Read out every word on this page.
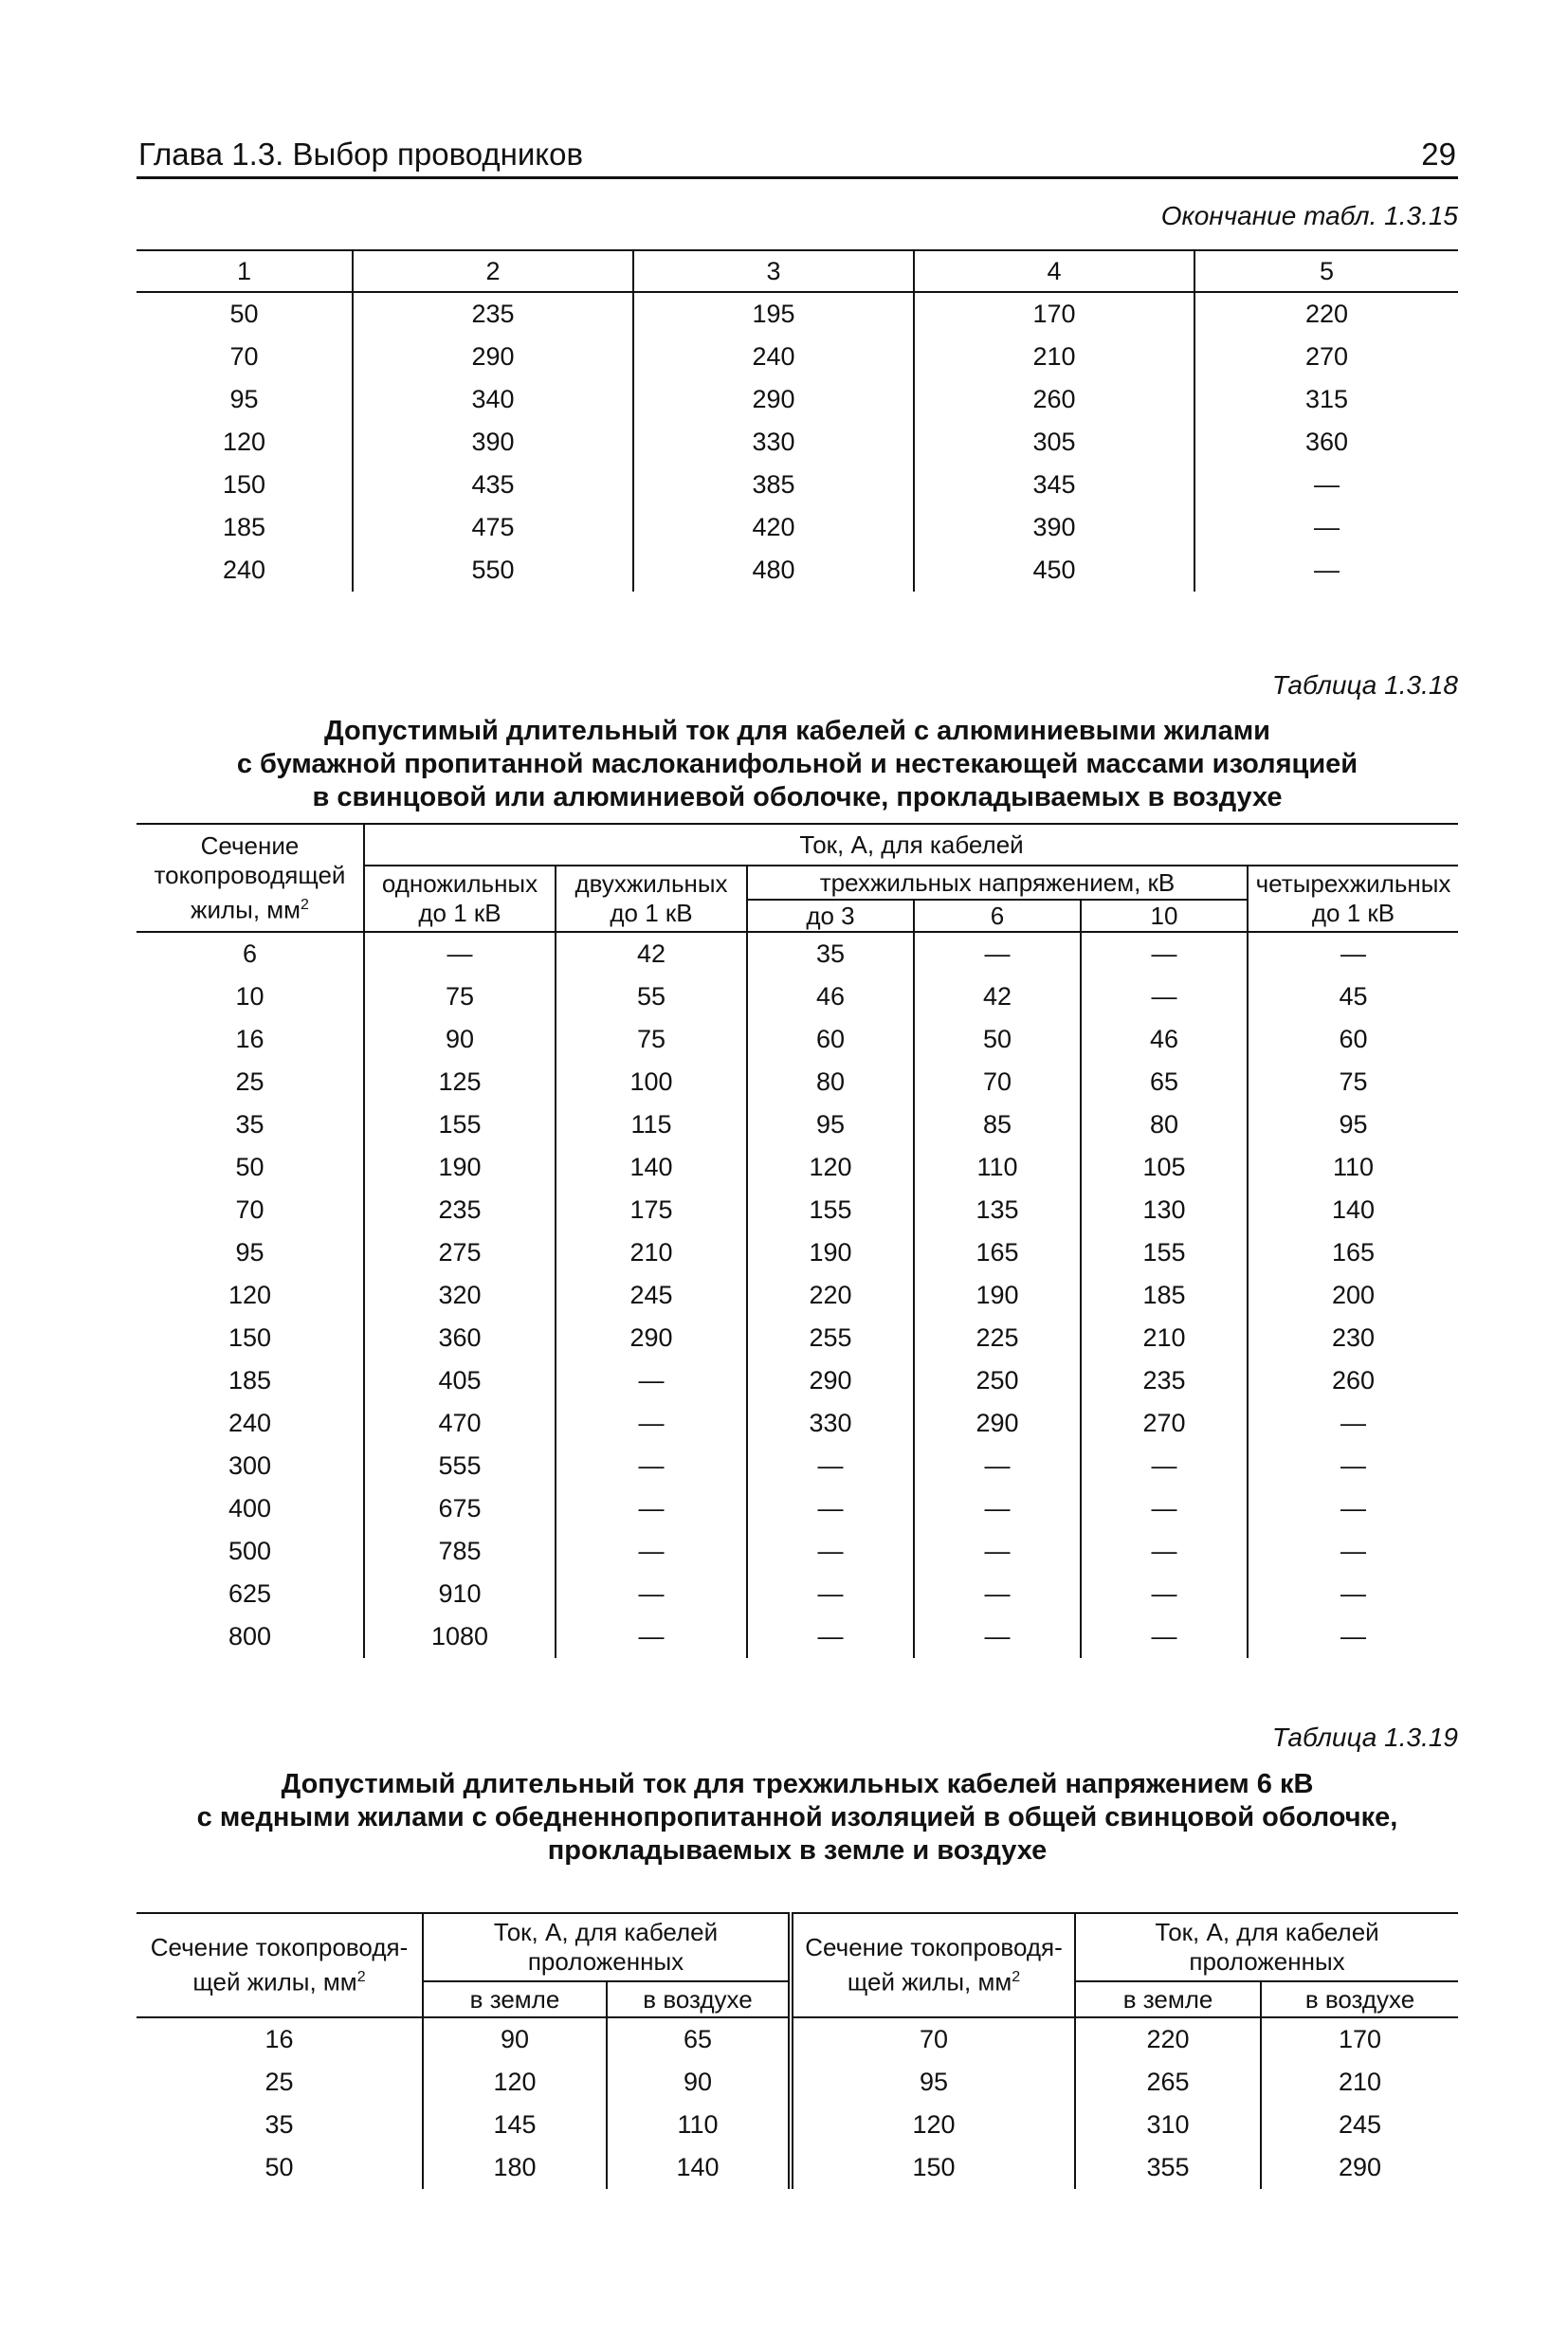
Глава 1.3. Выбор проводников	29
Окончание табл. 1.3.15
1	2	3	4	5
50	235	195	170	220
70	290	240	210	270
95	340	290	260	315
120	390	330	305	360
150	435	385	345	—
185	475	420	390	—
240	550	480	450	—
Таблица 1.3.18
Допустимый длительный ток для кабелей с алюминиевыми жилами
с бумажной пропитанной маслоканифольной и нестекающей массами изоляцией
в свинцовой или алюминиевой оболочке, прокладываемых в воздухе
Сечение
токопроводящей
жилы, $мм^2$	Ток, А, для кабелей					
	одножильных
до 1 кВ	двухжильных
до 1 кВ	трехжильных напряжением, кВ			четырехжильных
до 1 кВ
			до 3	6	10	
6	—	42	35	—	—	—
10	75	55	46	42	—	45
16	90	75	60	50	46	60
25	125	100	80	70	65	75
35	155	115	95	85	80	95
50	190	140	120	110	105	110
70	235	175	155	135	130	140
95	275	210	190	165	155	165
120	320	245	220	190	185	200
150	360	290	255	225	210	230
185	405	—	290	250	235	260
240	470	—	330	290	270	—
300	555	—	—	—	—	—
400	675	—	—	—	—	—
500	785	—	—	—	—	—
625	910	—	—	—	—	—
800	1080	—	—	—	—	—
Таблица 1.3.19
Допустимый длительный ток для трехжильных кабелей напряжением 6 кВ
с медными жилами с обедненнопропитанной изоляцией в общей свинцовой оболочке,
прокладываемых в земле и воздухе
Сечение токопроводя-
щей жилы, $мм^2$	Ток, А, для кабелей
проложенных		Сечение токопроводя-
щей жилы, $мм^2$	Ток, А, для кабелей
проложенных	
	в земле	в воздухе		в земле	в воздухе
16	90	65	70	220	170
25	120	90	95	265	210
35	145	110	120	310	245
50	180	140	150	355	290
